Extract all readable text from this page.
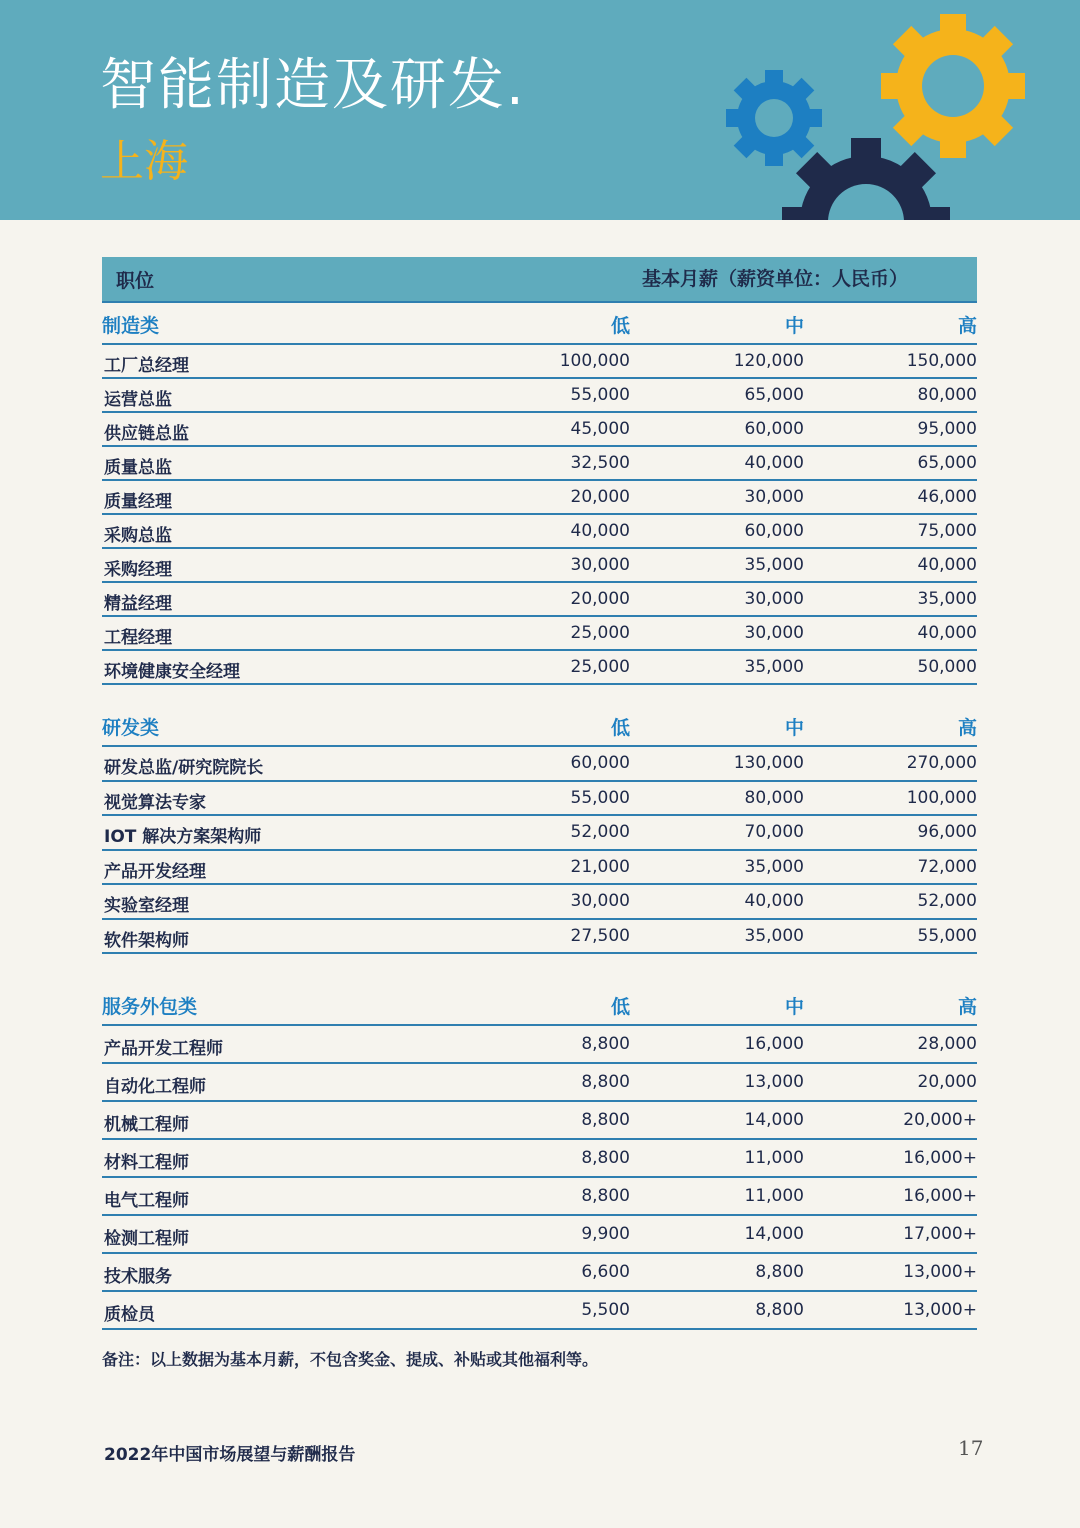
智能制造及研发.
上海
职位	基本月薪（薪资单位：人民币）
制造类	低	中	高
工厂总经理	100,000	120,000	150,000
运营总监	55,000	65,000	80,000
供应链总监	45,000	60,000	95,000
质量总监	32,500	40,000	65,000
质量经理	20,000	30,000	46,000
采购总监	40,000	60,000	75,000
采购经理	30,000	35,000	40,000
精益经理	20,000	30,000	35,000
工程经理	25,000	30,000	40,000
环境健康安全经理	25,000	35,000	50,000
研发类	低	中	高
研发总监/研究院院长	60,000	130,000	270,000
视觉算法专家	55,000	80,000	100,000
IOT 解决方案架构师	52,000	70,000	96,000
产品开发经理	21,000	35,000	72,000
实验室经理	30,000	40,000	52,000
软件架构师	27,500	35,000	55,000
服务外包类	低	中	高
产品开发工程师	8,800	16,000	28,000
自动化工程师	8,800	13,000	20,000
机械工程师	8,800	14,000	20,000+
材料工程师	8,800	11,000	16,000+
电气工程师	8,800	11,000	16,000+
检测工程师	9,900	14,000	17,000+
技术服务	6,600	8,800	13,000+
质检员	5,500	8,800	13,000+
备注：以上数据为基本月薪，不包含奖金、提成、补贴或其他福利等。
2022年中国市场展望与薪酬报告	17
